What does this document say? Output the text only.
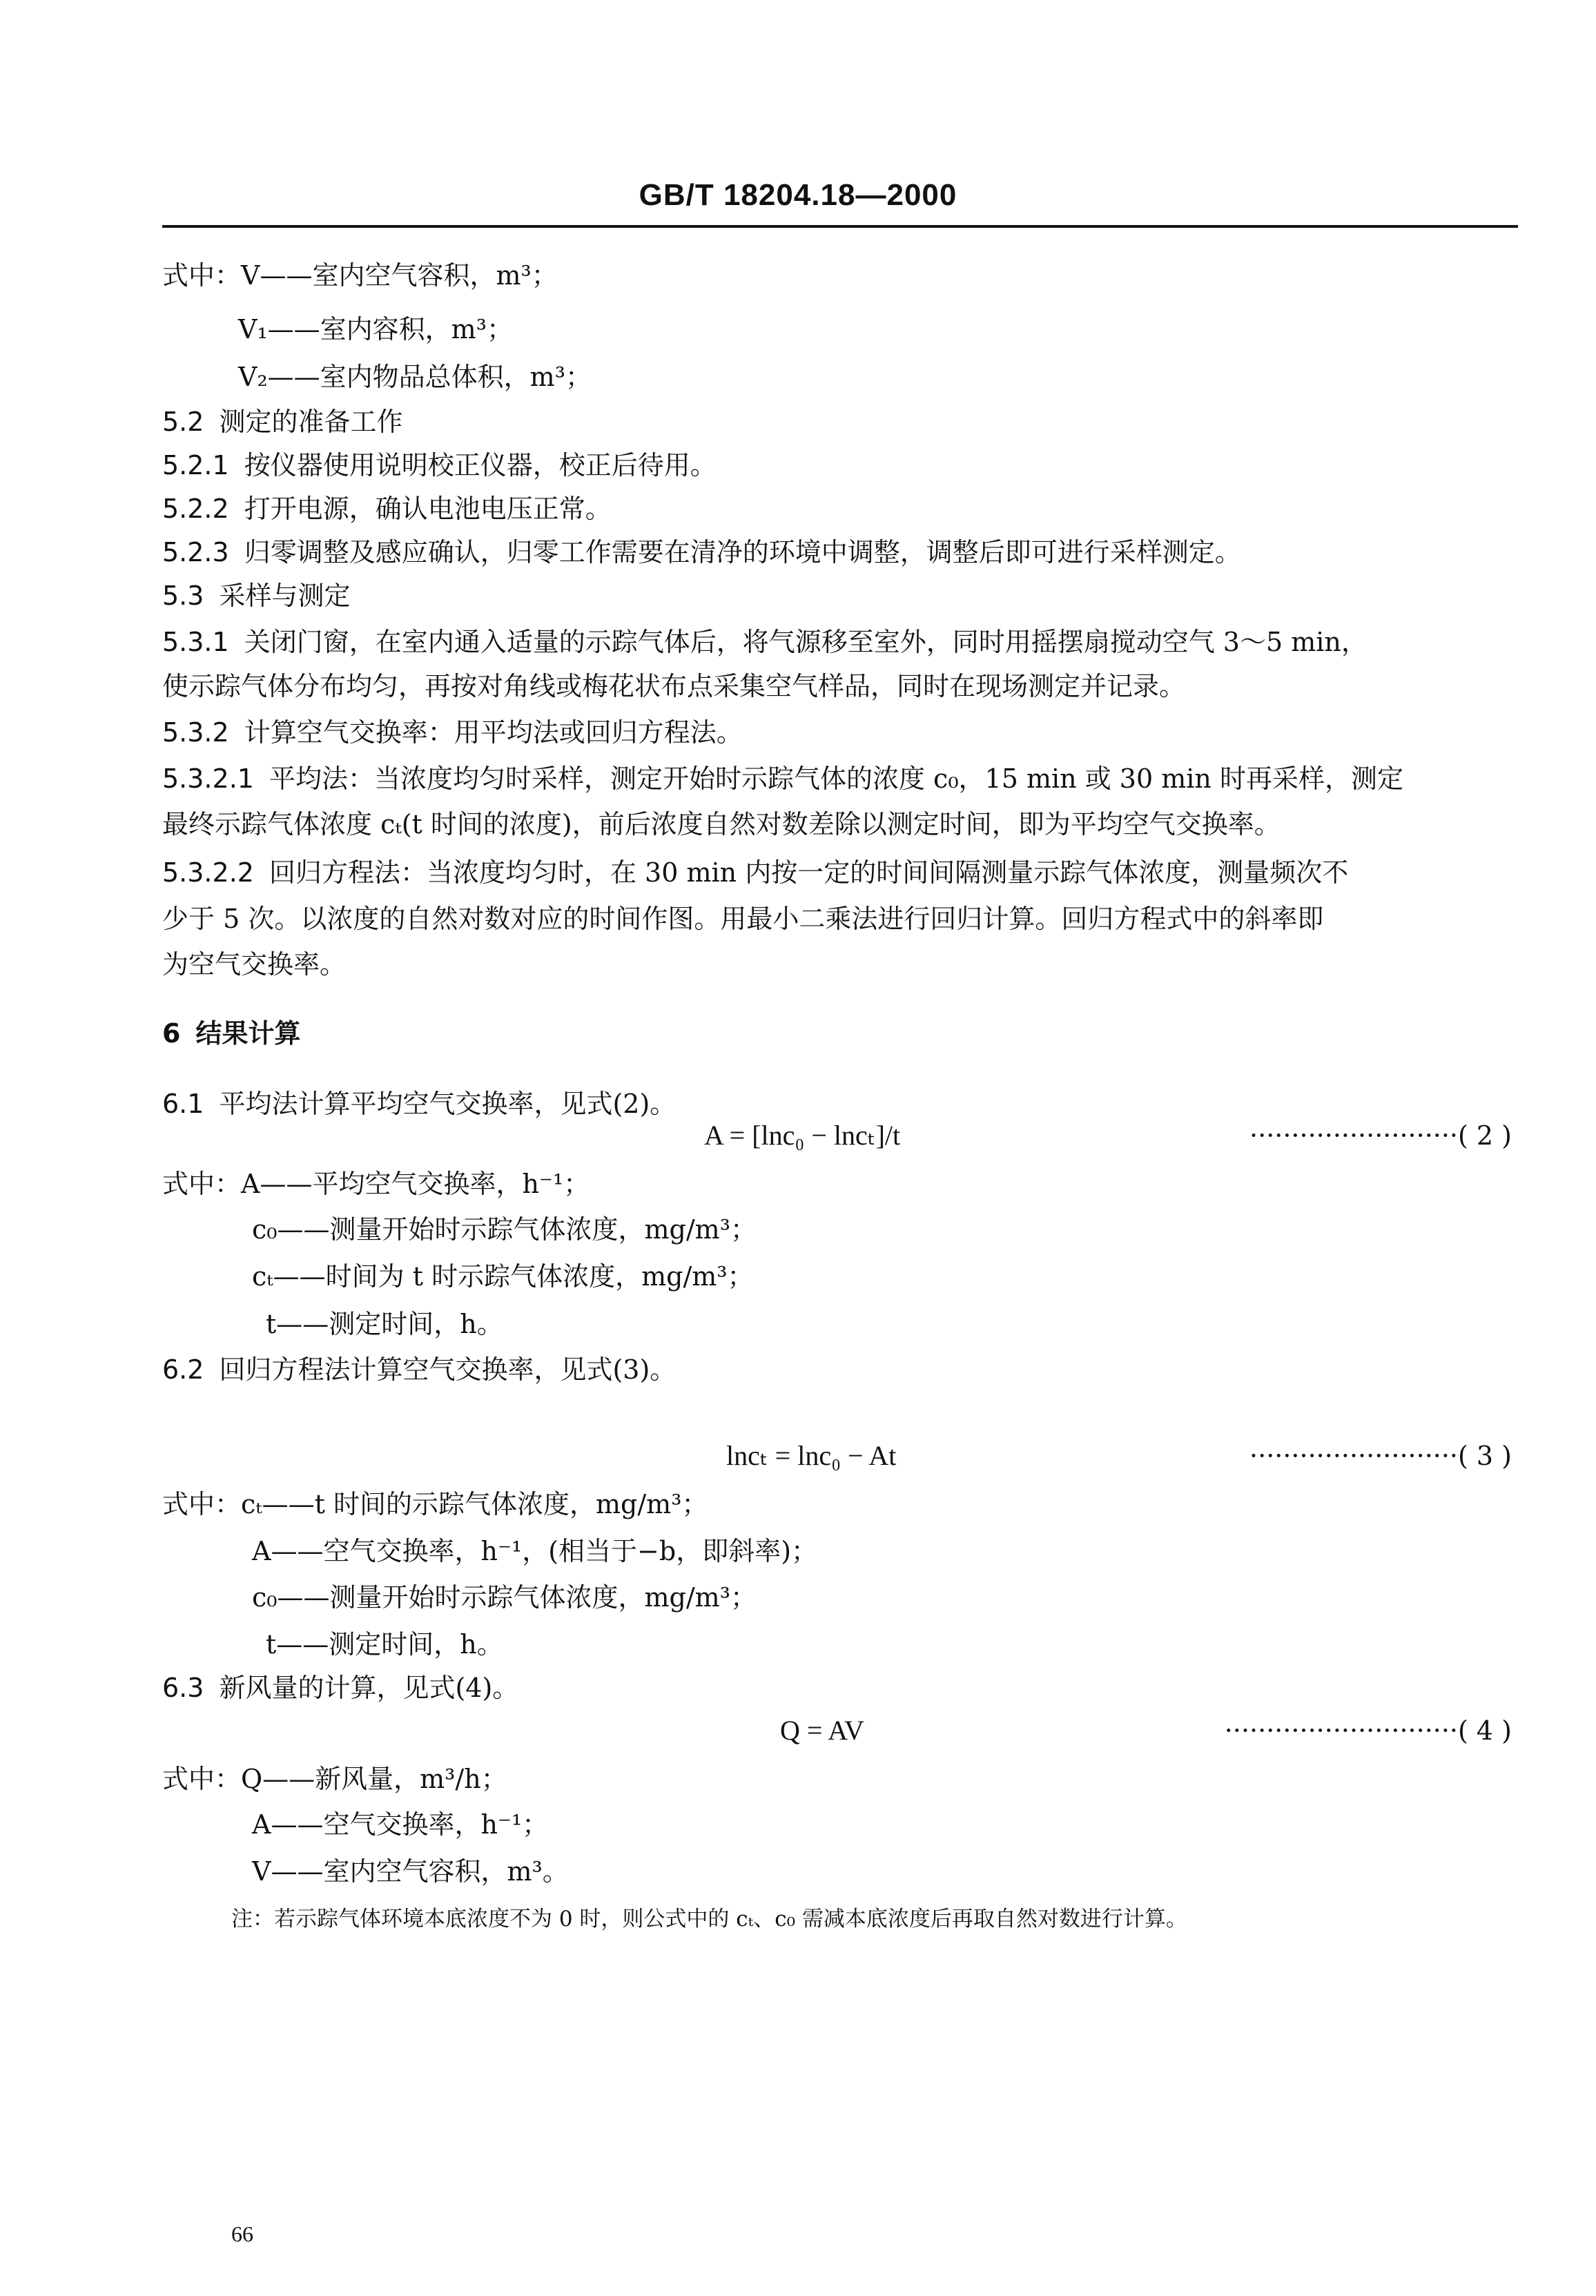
GB/T 18204.18—2000
式中：V——室内空气容积，m³；
V₁——室内容积，m³；
V₂——室内物品总体积，m³；
5.2 测定的准备工作
5.2.1 按仪器使用说明校正仪器，校正后待用。
5.2.2 打开电源，确认电池电压正常。
5.2.3 归零调整及感应确认，归零工作需要在清净的环境中调整，调整后即可进行采样测定。
5.3 采样与测定
5.3.1 关闭门窗，在室内通入适量的示踪气体后，将气源移至室外，同时用摇摆扇搅动空气 3～5 min，
使示踪气体分布均匀，再按对角线或梅花状布点采集空气样品，同时在现场测定并记录。
5.3.2 计算空气交换率：用平均法或回归方程法。
5.3.2.1 平均法：当浓度均匀时采样，测定开始时示踪气体的浓度 c₀，15 min 或 30 min 时再采样，测定
最终示踪气体浓度 cₜ(t 时间的浓度)，前后浓度自然对数差除以测定时间，即为平均空气交换率。
5.3.2.2 回归方程法：当浓度均匀时，在 30 min 内按一定的时间间隔测量示踪气体浓度，测量频次不
少于 5 次。以浓度的自然对数对应的时间作图。用最小二乘法进行回归计算。回归方程式中的斜率即
为空气交换率。
6 结果计算
6.1 平均法计算平均空气交换率，见式(2)。
A = [lnc₀ − lncₜ]/t	·························( 2 )
式中：A——平均空气交换率，h⁻¹；
c₀——测量开始时示踪气体浓度，mg/m³；
cₜ——时间为 t 时示踪气体浓度，mg/m³；
t——测定时间，h。
6.2 回归方程法计算空气交换率，见式(3)。
lncₜ = lnc₀ − At	·························( 3 )
式中：cₜ——t 时间的示踪气体浓度，mg/m³；
A——空气交换率，h⁻¹，(相当于−b，即斜率)；
c₀——测量开始时示踪气体浓度，mg/m³；
t——测定时间，h。
6.3 新风量的计算，见式(4)。
Q = AV	····························( 4 )
式中：Q——新风量，m³/h；
A——空气交换率，h⁻¹；
V——室内空气容积，m³。
注：若示踪气体环境本底浓度不为 0 时，则公式中的 cₜ、c₀ 需减本底浓度后再取自然对数进行计算。
66
